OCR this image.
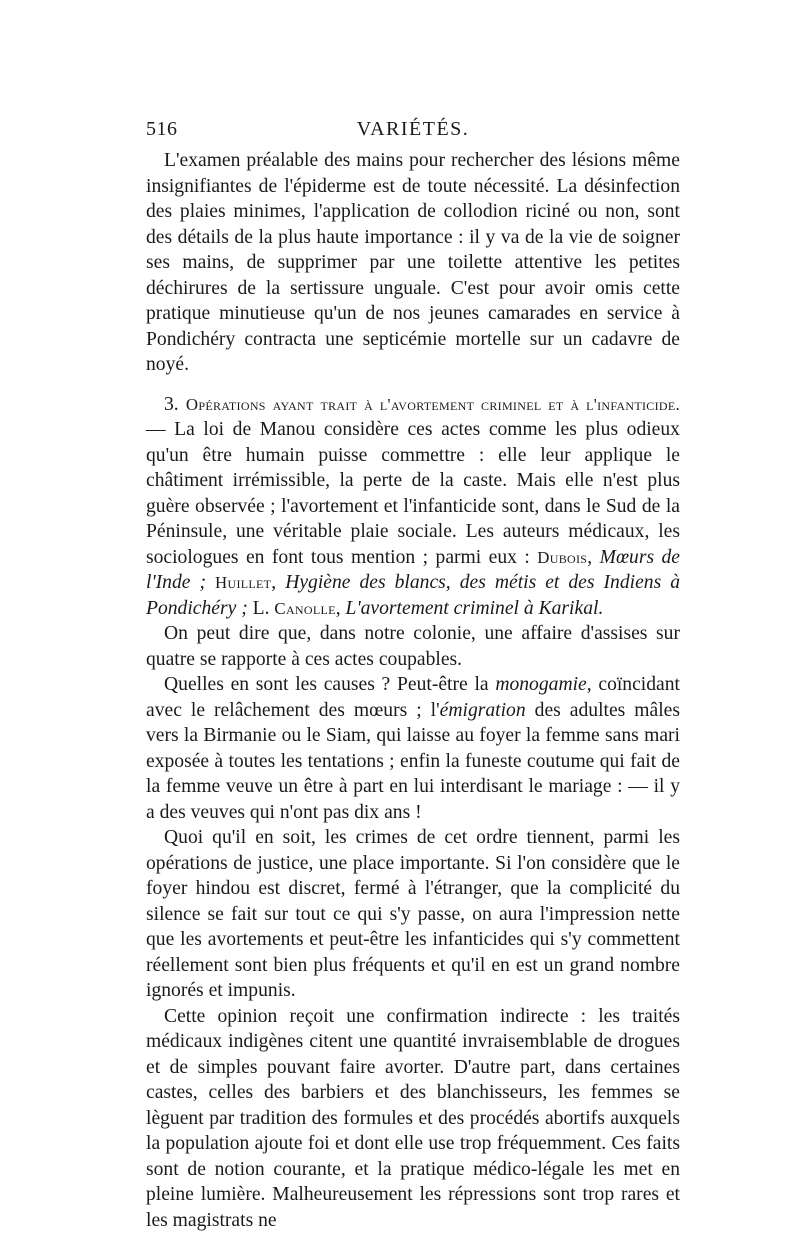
516	VARIÉTÉS.

L'examen préalable des mains pour rechercher des lésions même insignifiantes de l'épiderme est de toute nécessité. La désinfection des plaies minimes, l'application de collodion riciné ou non, sont des détails de la plus haute importance : il y va de la vie de soigner ses mains, de supprimer par une toilette attentive les petites déchirures de la sertissure unguale. C'est pour avoir omis cette pratique minutieuse qu'un de nos jeunes camarades en service à Pondichéry contracta une septicémie mortelle sur un cadavre de noyé.

3. Opérations ayant trait à l'avortement criminel et à l'infanticide. — La loi de Manou considère ces actes comme les plus odieux qu'un être humain puisse commettre : elle leur applique le châtiment irrémissible, la perte de la caste. Mais elle n'est plus guère observée ; l'avortement et l'infanticide sont, dans le Sud de la Péninsule, une véritable plaie sociale. Les auteurs médicaux, les sociologues en font tous mention ; parmi eux : Dubois, Mœurs de l'Inde ; Huillet, Hygiène des blancs, des métis et des Indiens à Pondichéry ; L. Canolle, L'avortement criminel à Karikal.

On peut dire que, dans notre colonie, une affaire d'assises sur quatre se rapporte à ces actes coupables.

Quelles en sont les causes ? Peut-être la monogamie, coïncidant avec le relâchement des mœurs ; l'émigration des adultes mâles vers la Birmanie ou le Siam, qui laisse au foyer la femme sans mari exposée à toutes les tentations ; enfin la funeste coutume qui fait de la femme veuve un être à part en lui interdisant le mariage : — il y a des veuves qui n'ont pas dix ans !

Quoi qu'il en soit, les crimes de cet ordre tiennent, parmi les opérations de justice, une place importante. Si l'on considère que le foyer hindou est discret, fermé à l'étranger, que la complicité du silence se fait sur tout ce qui s'y passe, on aura l'impression nette que les avortements et peut-être les infanticides qui s'y commettent réellement sont bien plus fréquents et qu'il en est un grand nombre ignorés et impunis.

Cette opinion reçoit une confirmation indirecte : les traités médicaux indigènes citent une quantité invraisemblable de drogues et de simples pouvant faire avorter. D'autre part, dans certaines castes, celles des barbiers et des blanchisseurs, les femmes se lèguent par tradition des formules et des procédés abortifs auxquels la population ajoute foi et dont elle use trop fréquemment. Ces faits sont de notion courante, et la pratique médico-légale les met en pleine lumière. Malheureusement les répressions sont trop rares et les magistrats ne
